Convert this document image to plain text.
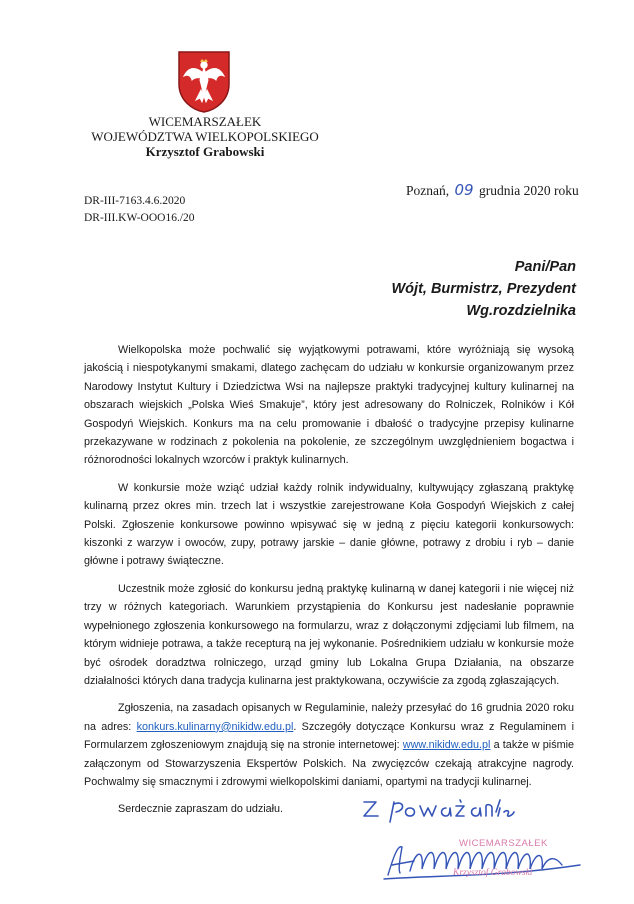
WICEMARSZAŁEK
WOJEWÓDZTWA WIELKOPOLSKIEGO
Krzysztof Grabowski
DR-III-7163.4.6.2020
DR-III.KW-OOO16./20
Poznań, 09 grudnia 2020 roku
Pani/Pan
Wójt, Burmistrz, Prezydent
Wg.rozdzielnika

Wielkopolska może pochwalić się wyjątkowymi potrawami, które wyróżniają się wysoką jakością i niespotykanymi smakami, dlatego zachęcam do udziału w konkursie organizowanym przez Narodowy Instytut Kultury i Dziedzictwa Wsi na najlepsze praktyki tradycyjnej kultury kulinarnej na obszarach wiejskich „Polska Wieś Smakuje”, który jest adresowany do Rolniczek, Rolników i Kół Gospodyń Wiejskich. Konkurs ma na celu promowanie i dbałość o tradycyjne przepisy kulinarne przekazywane w rodzinach z pokolenia na pokolenie, ze szczególnym uwzględnieniem bogactwa i różnorodności lokalnych wzorców i praktyk kulinarnych.

W konkursie może wziąć udział każdy rolnik indywidualny, kultywujący zgłaszaną praktykę kulinarną przez okres min. trzech lat i wszystkie zarejestrowane Koła Gospodyń Wiejskich z całej Polski. Zgłoszenie konkursowe powinno wpisywać się w jedną z pięciu kategorii konkursowych: kiszonki z warzyw i owoców, zupy, potrawy jarskie – danie główne, potrawy z drobiu i ryb – danie główne i potrawy świąteczne.

Uczestnik może zgłosić do konkursu jedną praktykę kulinarną w danej kategorii i nie więcej niż trzy w różnych kategoriach. Warunkiem przystąpienia do Konkursu jest nadesłanie poprawnie wypełnionego zgłoszenia konkursowego na formularzu, wraz z dołączonymi zdjęciami lub filmem, na którym widnieje potrawa, a także recepturą na jej wykonanie. Pośrednikiem udziału w konkursie może być ośrodek doradztwa rolniczego, urząd gminy lub Lokalna Grupa Działania, na obszarze działalności których dana tradycja kulinarna jest praktykowana, oczywiście za zgodą zgłaszających.

Zgłoszenia, na zasadach opisanych w Regulaminie, należy przesyłać do 16 grudnia 2020 roku na adres: konkurs.kulinarny@nikidw.edu.pl. Szczegóły dotyczące Konkursu wraz z Regulaminem i Formularzem zgłoszeniowym znajdują się na stronie internetowej: www.nikidw.edu.pl a także w piśmie załączonym od Stowarzyszenia Ekspertów Polskich. Na zwycięzców czekają atrakcyjne nagrody. Pochwalmy się smacznymi i zdrowymi wielkopolskimi daniami, opartymi na tradycji kulinarnej.

Serdecznie zapraszam do udziału.

WICEMARSZAŁEK
Krzysztof Grabowski
